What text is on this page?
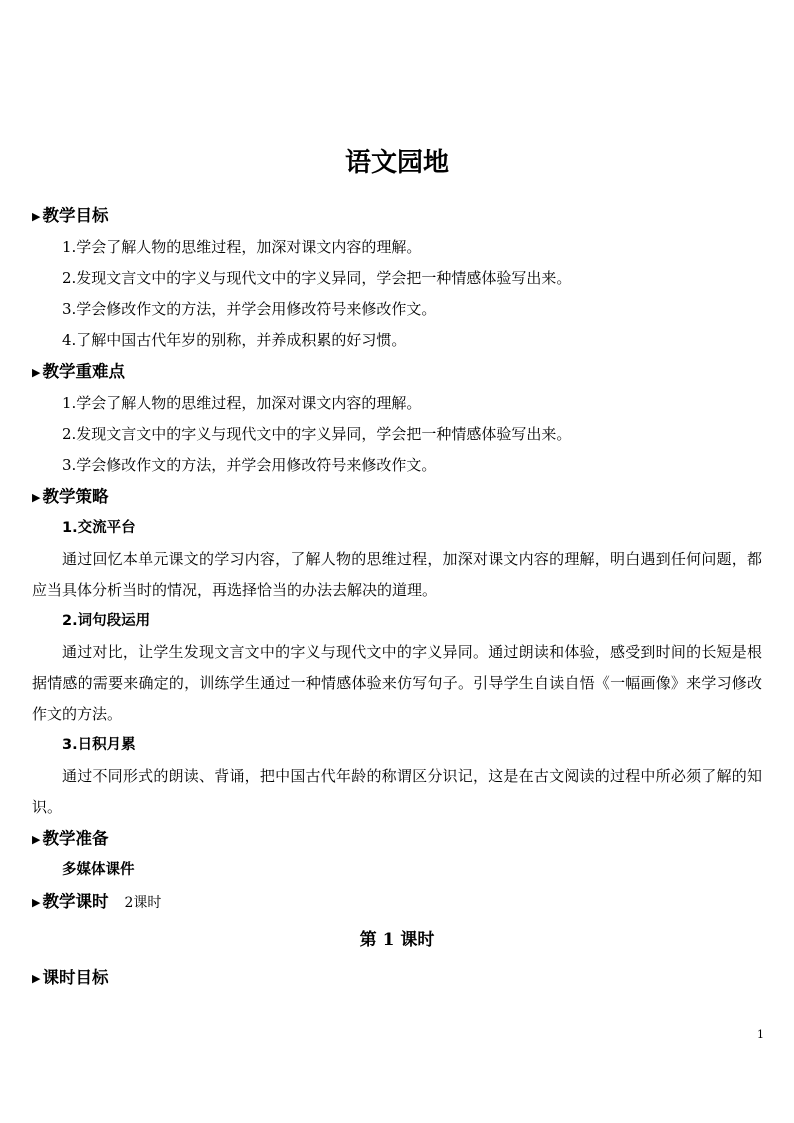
语文园地
▶ 教学目标
1.学会了解人物的思维过程，加深对课文内容的理解。
2.发现文言文中的字义与现代文中的字义异同，学会把一种情感体验写出来。
3.学会修改作文的方法，并学会用修改符号来修改作文。
4.了解中国古代年岁的别称，并养成积累的好习惯。
▶ 教学重难点
1.学会了解人物的思维过程，加深对课文内容的理解。
2.发现文言文中的字义与现代文中的字义异同，学会把一种情感体验写出来。
3.学会修改作文的方法，并学会用修改符号来修改作文。
▶ 教学策略
1.交流平台

通过回忆本单元课文的学习内容，了解人物的思维过程，加深对课文内容的理解，明白遇到任何问题，都应当具体分析当时的情况，再选择恰当的办法去解决的道理。

2.词句段运用

通过对比，让学生发现文言文中的字义与现代文中的字义异同。通过朗读和体验，感受到时间的长短是根据情感的需要来确定的，训练学生通过一种情感体验来仿写句子。引导学生自读自悟《一幅画像》来学习修改作文的方法。

3.日积月累

通过不同形式的朗读、背诵，把中国古代年龄的称谓区分识记，这是在古文阅读的过程中所必须了解的知识。

▶ 教学准备
多媒体课件
▶ 教学课时 2课时
第 1 课时
▶ 课时目标
1
